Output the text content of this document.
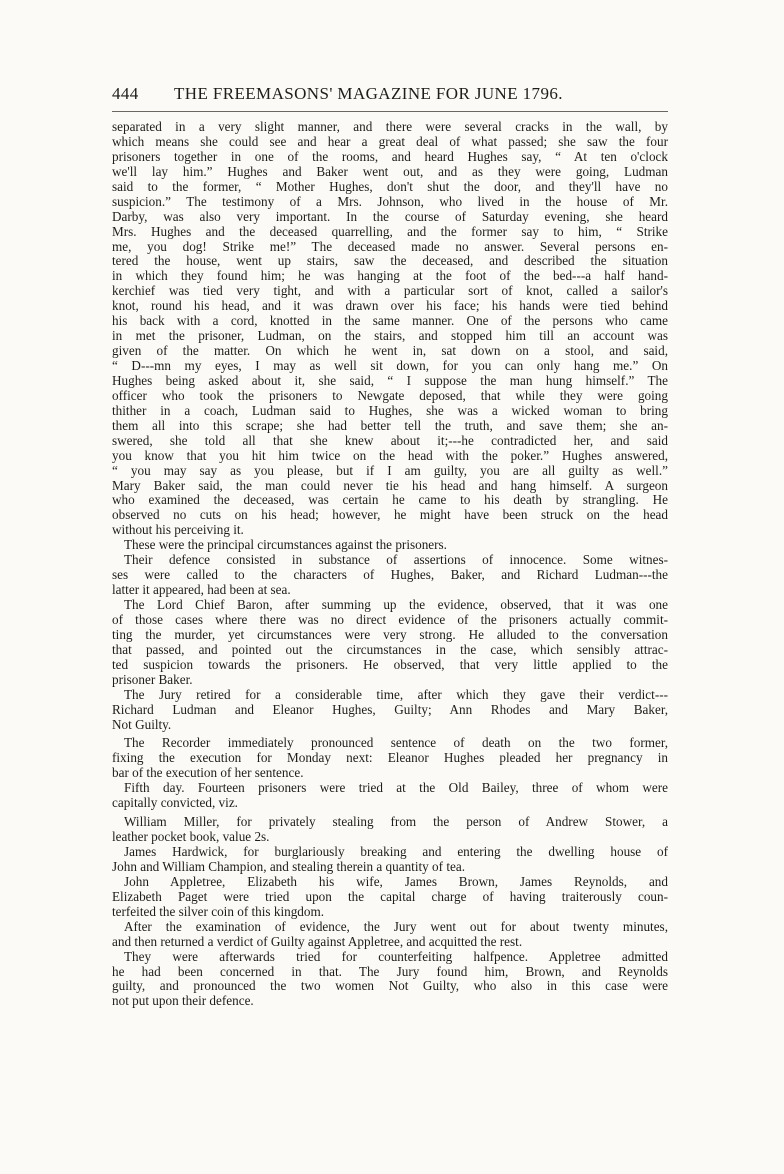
444 THE FREEMASONS' MAGAZINE FOR JUNE 1796.
separated in a very slight manner, and there were several cracks in the wall, by
which means she could see and hear a great deal of what passed; she saw the four
prisoners together in one of the rooms, and heard Hughes say, “ At ten o'clock
we'll lay him.” Hughes and Baker went out, and as they were going, Ludman
said to the former, “ Mother Hughes, don't shut the door, and they'll have no
suspicion.” The testimony of a Mrs. Johnson, who lived in the house of Mr.
Darby, was also very important. In the course of Saturday evening, she heard
Mrs. Hughes and the deceased quarrelling, and the former say to him, “ Strike
me, you dog! Strike me!” The deceased made no answer. Several persons en-
tered the house, went up stairs, saw the deceased, and described the situation
in which they found him; he was hanging at the foot of the bed---a half hand-
kerchief was tied very tight, and with a particular sort of knot, called a sailor's
knot, round his head, and it was drawn over his face; his hands were tied behind
his back with a cord, knotted in the same manner. One of the persons who came
in met the prisoner, Ludman, on the stairs, and stopped him till an account was
given of the matter. On which he went in, sat down on a stool, and said,
“ D---mn my eyes, I may as well sit down, for you can only hang me.” On
Hughes being asked about it, she said, “ I suppose the man hung himself.” The
officer who took the prisoners to Newgate deposed, that while they were going
thither in a coach, Ludman said to Hughes, she was a wicked woman to bring
them all into this scrape; she had better tell the truth, and save them; she an-
swered, she told all that she knew about it;---he contradicted her, and said
you know that you hit him twice on the head with the poker.” Hughes answered,
“ you may say as you please, but if I am guilty, you are all guilty as well.”
Mary Baker said, the man could never tie his head and hang himself. A surgeon
who examined the deceased, was certain he came to his death by strangling. He
observed no cuts on his head; however, he might have been struck on the head
without his perceiving it.
These were the principal circumstances against the prisoners.
Their defence consisted in substance of assertions of innocence. Some witnes-
ses were called to the characters of Hughes, Baker, and Richard Ludman---the
latter it appeared, had been at sea.
The Lord Chief Baron, after summing up the evidence, observed, that it was one
of those cases where there was no direct evidence of the prisoners actually commit-
ting the murder, yet circumstances were very strong. He alluded to the conversation
that passed, and pointed out the circumstances in the case, which sensibly attrac-
ted suspicion towards the prisoners. He observed, that very little applied to the
prisoner Baker.
The Jury retired for a considerable time, after which they gave their verdict---
Richard Ludman and Eleanor Hughes, Guilty; Ann Rhodes and Mary Baker,
Not Guilty.
The Recorder immediately pronounced sentence of death on the two former,
fixing the execution for Monday next: Eleanor Hughes pleaded her pregnancy in
bar of the execution of her sentence.
Fifth day. Fourteen prisoners were tried at the Old Bailey, three of whom were
capitally convicted, viz.
William Miller, for privately stealing from the person of Andrew Stower, a
leather pocket book, value 2s.
James Hardwick, for burglariously breaking and entering the dwelling house of
John and William Champion, and stealing therein a quantity of tea.
John Appletree, Elizabeth his wife, James Brown, James Reynolds, and
Elizabeth Paget were tried upon the capital charge of having traiterously coun-
terfeited the silver coin of this kingdom.
After the examination of evidence, the Jury went out for about twenty minutes,
and then returned a verdict of Guilty against Appletree, and acquitted the rest.
They were afterwards tried for counterfeiting halfpence. Appletree admitted
he had been concerned in that. The Jury found him, Brown, and Reynolds
guilty, and pronounced the two women Not Guilty, who also in this case were
not put upon their defence.
